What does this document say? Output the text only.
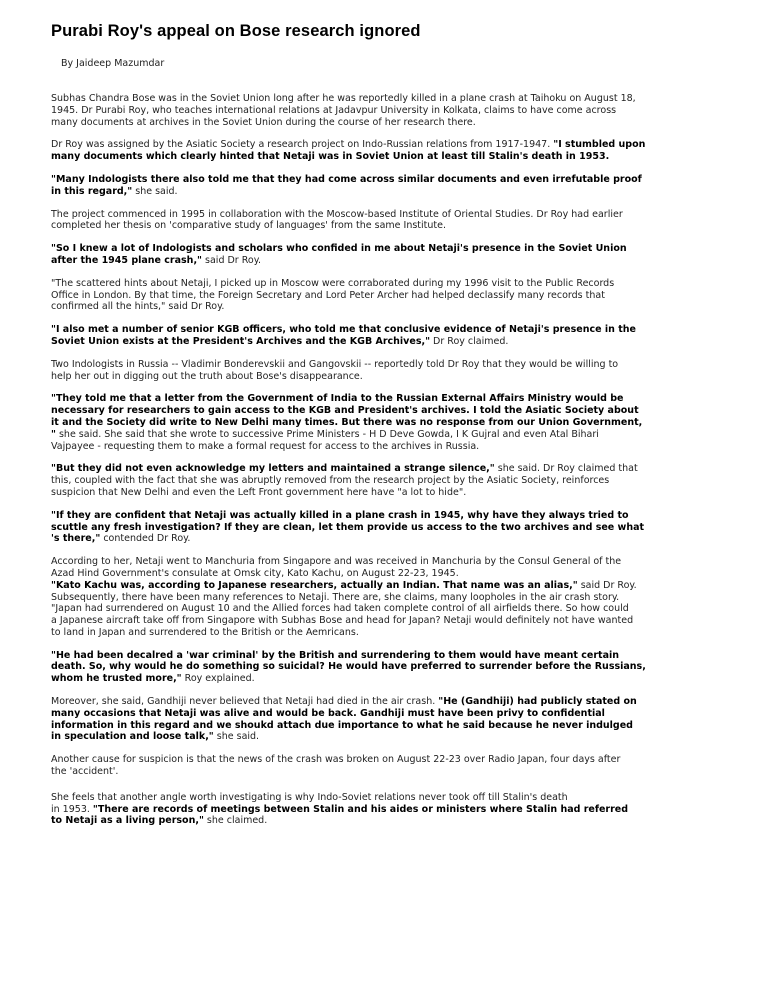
Purabi Roy's appeal on Bose research ignored
By Jaideep Mazumdar
Subhas Chandra Bose was in the Soviet Union long after he was reportedly killed in a plane crash at Taihoku on August 18,
1945. Dr Purabi Roy, who teaches international relations at Jadavpur University in Kolkata, claims to have come across
many documents at archives in the Soviet Union during the course of her research there.
Dr Roy was assigned by the Asiatic Society a research project on Indo-Russian relations from 1917-1947. "I stumbled upon
many documents which clearly hinted that Netaji was in Soviet Union at least till Stalin's death in 1953.
"Many Indologists there also told me that they had come across similar documents and even irrefutable proof
in this regard," she said.
The project commenced in 1995 in collaboration with the Moscow-based Institute of Oriental Studies. Dr Roy had earlier
completed her thesis on 'comparative study of languages' from the same Institute.
"So I knew a lot of Indologists and scholars who confided in me about Netaji's presence in the Soviet Union
after the 1945 plane crash," said Dr Roy.
"The scattered hints about Netaji, I picked up in Moscow were corraborated during my 1996 visit to the Public Records
Office in London. By that time, the Foreign Secretary and Lord Peter Archer had helped declassify many records that
confirmed all the hints," said Dr Roy.
"I also met a number of senior KGB officers, who told me that conclusive evidence of Netaji's presence in the
Soviet Union exists at the President's Archives and the KGB Archives," Dr Roy claimed.
Two Indologists in Russia -- Vladimir Bonderevskii and Gangovskii -- reportedly told Dr Roy that they would be willing to
help her out in digging out the truth about Bose's disappearance.
"They told me that a letter from the Government of India to the Russian External Affairs Ministry would be
necessary for researchers to gain access to the KGB and President's archives. I told the Asiatic Society about
it and the Society did write to New Delhi many times. But there was no response from our Union Government,
" she said. She said that she wrote to successive Prime Ministers - H D Deve Gowda, I K Gujral and even Atal Bihari
Vajpayee - requesting them to make a formal request for access to the archives in Russia.
"But they did not even acknowledge my letters and maintained a strange silence," she said. Dr Roy claimed that
this, coupled with the fact that she was abruptly removed from the research project by the Asiatic Society, reinforces
suspicion that New Delhi and even the Left Front government here have "a lot to hide".
"If they are confident that Netaji was actually killed in a plane crash in 1945, why have they always tried to
scuttle any fresh investigation? If they are clean, let them provide us access to the two archives and see what
's there," contended Dr Roy.
According to her, Netaji went to Manchuria from Singapore and was received in Manchuria by the Consul General of the
Azad Hind Government's consulate at Omsk city, Kato Kachu, on August 22-23, 1945.
"Kato Kachu was, according to Japanese researchers, actually an Indian. That name was an alias," said Dr Roy.
Subsequently, there have been many references to Netaji. There are, she claims, many loopholes in the air crash story.
"Japan had surrendered on August 10 and the Allied forces had taken complete control of all airfields there. So how could
a Japanese aircraft take off from Singapore with Subhas Bose and head for Japan? Netaji would definitely not have wanted
to land in Japan and surrendered to the British or the Aemricans.
"He had been decalred a 'war criminal' by the British and surrendering to them would have meant certain
death. So, why would he do something so suicidal? He would have preferred to surrender before the Russians,
whom he trusted more," Roy explained.
Moreover, she said, Gandhiji never believed that Netaji had died in the air crash. "He (Gandhiji) had publicly stated on
many occasions that Netaji was alive and would be back. Gandhiji must have been privy to confidential
information in this regard and we shoukd attach due importance to what he said because he never indulged
in speculation and loose talk," she said.
Another cause for suspicion is that the news of the crash was broken on August 22-23 over Radio Japan, four days after
the 'accident'.
She feels that another angle worth investigating is why Indo-Soviet relations never took off till Stalin's death
in 1953. "There are records of meetings between Stalin and his aides or ministers where Stalin had referred
to Netaji as a living person," she claimed.
